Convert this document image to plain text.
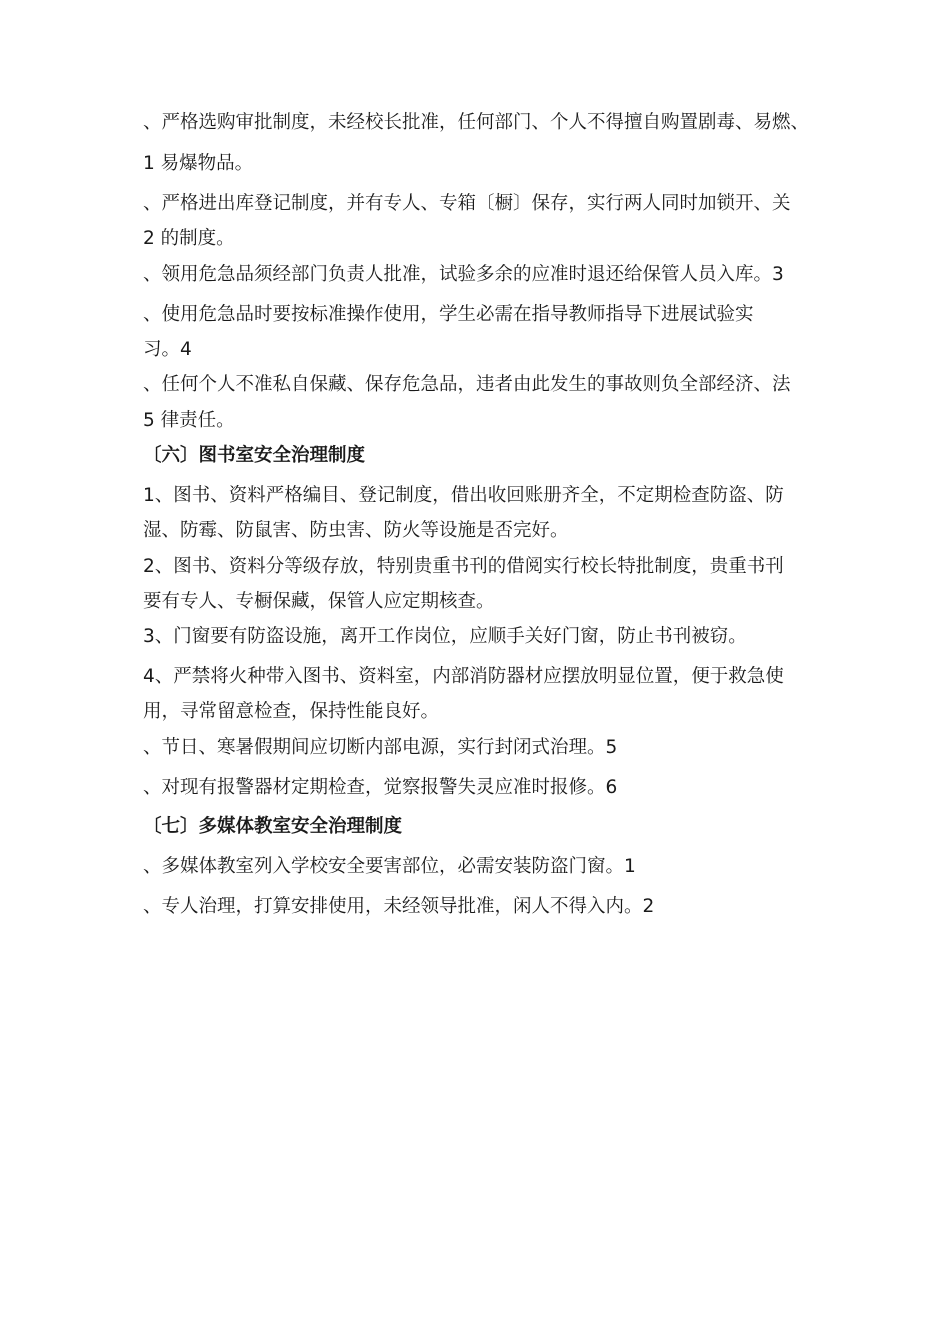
、严格选购审批制度，未经校长批准，任何部门、个人不得擅自购置剧毒、易燃、
1 易爆物品。
、严格进出库登记制度，并有专人、专箱〔橱〕保存，实行两人同时加锁开、关
2 的制度。
、领用危急品须经部门负责人批准，试验多余的应准时退还给保管人员入库。3
、使用危急品时要按标准操作使用，学生必需在指导教师指导下进展试验实
习。4
、任何个人不准私自保藏、保存危急品，违者由此发生的事故则负全部经济、法
5 律责任。
〔六〕图书室安全治理制度
1、图书、资料严格编目、登记制度，借出收回账册齐全，不定期检查防盗、防
湿、防霉、防鼠害、防虫害、防火等设施是否完好。
2、图书、资料分等级存放，特别贵重书刊的借阅实行校长特批制度，贵重书刊
要有专人、专橱保藏，保管人应定期核查。
3、门窗要有防盗设施，离开工作岗位，应顺手关好门窗，防止书刊被窃。
4、严禁将火种带入图书、资料室，内部消防器材应摆放明显位置，便于救急使
用，寻常留意检查，保持性能良好。
、节日、寒暑假期间应切断内部电源，实行封闭式治理。5
、对现有报警器材定期检查，觉察报警失灵应准时报修。6
〔七〕多媒体教室安全治理制度
、多媒体教室列入学校安全要害部位，必需安装防盗门窗。1
、专人治理，打算安排使用，未经领导批准，闲人不得入内。2
